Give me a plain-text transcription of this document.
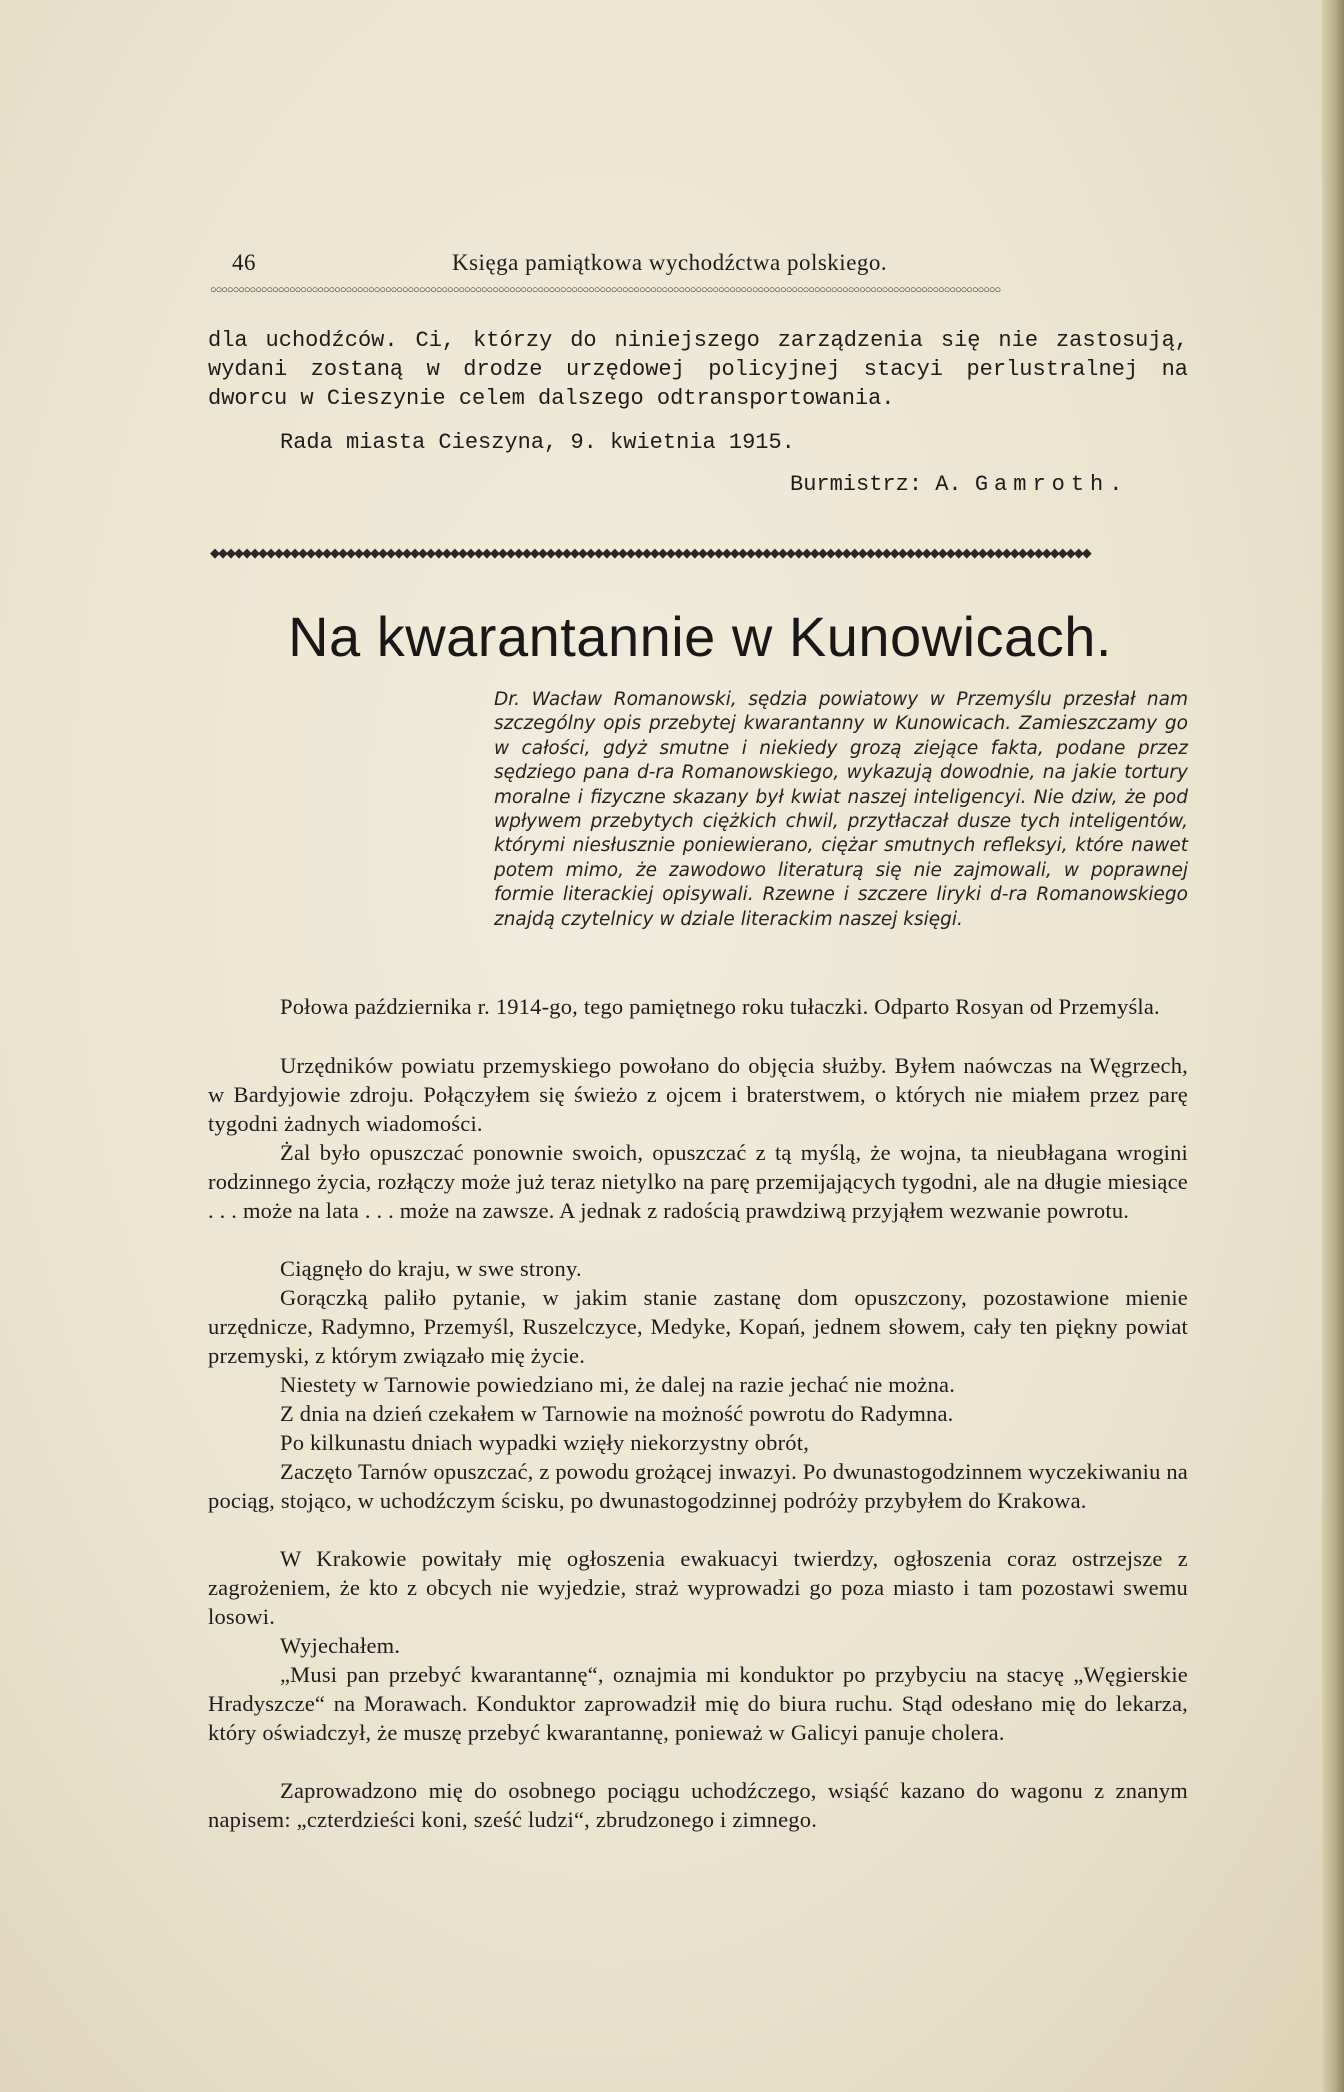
46	Księga pamiątkowa wychodźctwa polskiego.
○○○○○○○○○○○○○○○○○○○○○○○○○○○○○○○○○○○○○○○○○○○○○○○○○○○○○○○○○○○○○○○○○○○○○○○○○○○○○○○○○○○○○○○○○○○○○○○○○○○○○○○○○○○○○○○○○○○○○○○○○○○○○○○○○○○○○○○○○○○○

dla uchodźców. Ci, którzy do niniejszego zarządzenia się nie zastosują, wydani zostaną w drodze urzędowej policyjnej stacyi perlustralnej na dworcu w Cieszynie celem dalszego odtransportowania.

Rada miasta Cieszyna, 9. kwietnia 1915.

Burmistrz: A. Gamroth.

◆◆◆◆◆◆◆◆◆◆◆◆◆◆◆◆◆◆◆◆◆◆◆◆◆◆◆◆◆◆◆◆◆◆◆◆◆◆◆◆◆◆◆◆◆◆◆◆◆◆◆◆◆◆◆◆◆◆◆◆◆◆◆◆◆◆◆◆◆◆◆◆◆◆◆◆◆◆◆◆◆◆◆◆◆◆◆◆◆◆◆◆◆◆◆◆◆◆◆◆◆◆◆◆◆◆◆◆◆◆
Na kwarantannie w Kunowicach.

Dr. Wacław Romanowski, sędzia powiatowy w Przemyślu przesłał nam szczególny opis przebytej kwarantanny w Kunowicach. Zamieszczamy go w całości, gdyż smutne i niekiedy grozą ziejące fakta, podane przez sędziego pana d-ra Romanowskiego, wykazują dowodnie, na jakie tortury moralne i fizyczne skazany był kwiat naszej inteligencyi. Nie dziw, że pod wpływem przebytych ciężkich chwil, przytłaczał dusze tych inteligentów, którymi niesłusznie poniewierano, ciężar smutnych refleksyi, które nawet potem mimo, że zawodowo literaturą się nie zajmowali, w poprawnej formie literackiej opisywali. Rzewne i szczere liryki d-ra Romanowskiego znajdą czytelnicy w dziale literackim naszej księgi.

Połowa października r. 1914-go, tego pamiętnego roku tułaczki. Odparto Rosyan od Przemyśla.

Urzędników powiatu przemyskiego powołano do objęcia służby. Byłem naówczas na Węgrzech, w Bardyjowie zdroju. Połączyłem się świeżo z ojcem i braterstwem, o których nie miałem przez parę tygodni żadnych wiadomości.

Żal było opuszczać ponownie swoich, opuszczać z tą myślą, że wojna, ta nieubłagana wrogini rodzinnego życia, rozłączy może już teraz nietylko na parę przemijających tygodni, ale na długie miesiące . . . może na lata . . . może na zawsze. A jednak z radością prawdziwą przyjąłem wezwanie powrotu.

Ciągnęło do kraju, w swe strony.

Gorączką paliło pytanie, w jakim stanie zastanę dom opuszczony, pozostawione mienie urzędnicze, Radymno, Przemyśl, Ruszelczyce, Medyke, Kopań, jednem słowem, cały ten piękny powiat przemyski, z którym związało mię życie.

Niestety w Tarnowie powiedziano mi, że dalej na razie jechać nie można.

Z dnia na dzień czekałem w Tarnowie na możność powrotu do Radymna.

Po kilkunastu dniach wypadki wzięły niekorzystny obrót,

Zaczęto Tarnów opuszczać, z powodu grożącej inwazyi. Po dwunastogodzinnem wyczekiwaniu na pociąg, stojąco, w uchodźczym ścisku, po dwunastogodzinnej podróży przybyłem do Krakowa.

W Krakowie powitały mię ogłoszenia ewakuacyi twierdzy, ogłoszenia coraz ostrzejsze z zagrożeniem, że kto z obcych nie wyjedzie, straż wyprowadzi go poza miasto i tam pozostawi swemu losowi.

Wyjechałem.

„Musi pan przebyć kwarantannę“, oznajmia mi konduktor po przybyciu na stacyę „Węgierskie Hradyszcze“ na Morawach. Konduktor zaprowadził mię do biura ruchu. Stąd odesłano mię do lekarza, który oświadczył, że muszę przebyć kwarantannę, ponieważ w Galicyi panuje cholera.

Zaprowadzono mię do osobnego pociągu uchodźczego, wsiąść kazano do wagonu z znanym napisem: „czterdzieści koni, sześć ludzi“, zbrudzonego i zimnego.
